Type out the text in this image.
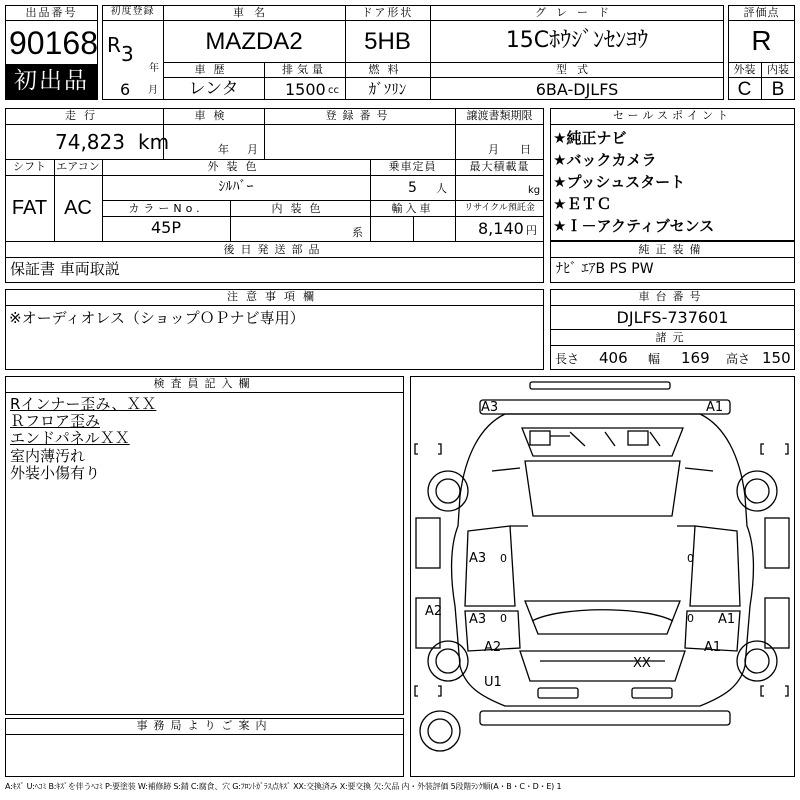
出品番号
90168
初出品
初度登録
R 3
年
6 月
車名
MAZDA2
ドア形状
5HB
グレード
15Cﾎｳｼﾞﾝｾﾝﾖｳ
車歴
レンタ
排気量
1500 cc
燃料
ｶﾞｿﾘﾝ
型式
6BA-DJLFS
評価点
R
外装	内装
C	B
走行
74,823 km
車検
年 月
登録番号	譲渡書類期限
月 日
シフト
FAT
エアコン
AC
外装色
ｼﾙﾊﾞｰ
乗車定員
5 人
最大積載量
kg
カラーNo.
45P
内装色
系
輸入車	リサイクル預託金
8,140 円
後日発送部品
保証書 車両取説
セールスポイント
★純正ナビ
★バックカメラ
★プッシュスタート
★ＥＴＣ
★Ｉ－アクティブセンス
純正装備
ﾅﾋﾞ ｴｱB PS PW
注意事項欄
※オーディオレス（ショップＯＰナビ専用）
車台番号
DJLFS-737601
諸元
長さ 406 幅 169 高さ 150
検査員記入欄
Rインナー歪み、ＸＸ
Ｒフロア歪み
エンドパネルＸＸ
室内薄汚れ
外装小傷有り
事務局よりご案内
A3	A1
A3
A2
A3	A1
A2	A1
XX
U1
0
0
0
0
A:ｷｽﾞ U:ﾍｺﾐ B:ｷｽﾞを伴うﾍｺﾐ P:要塗装 W:補修跡 S:錆 C:腐食、穴 G:ﾌﾛﾝﾄｶﾞﾗｽ点ｷｽﾞ XX:交換済み X:要交換 欠:欠品 内・外装評価 5段階ﾗﾝｸ順(A・B・C・D・E) 1
